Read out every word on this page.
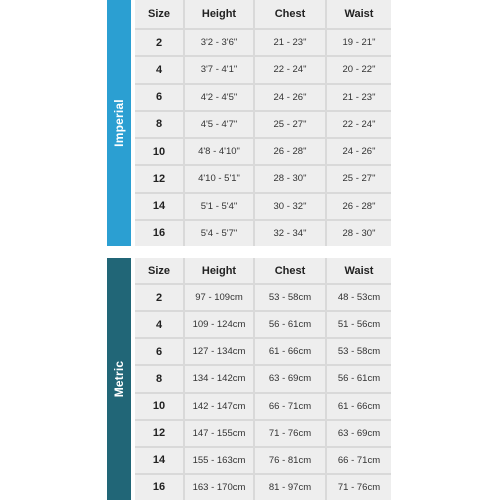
Imperial
Size	Height	Chest	Waist
2	3'2 - 3'6"	21 - 23"	19 - 21"
4	3'7 - 4'1"	22 - 24"	20 - 22"
6	4'2 - 4'5"	24 - 26"	21 - 23"
8	4'5 - 4'7"	25 - 27"	22 - 24"
10	4'8 - 4'10"	26 - 28"	24 - 26"
12	4'10 - 5'1"	28 - 30"	25 - 27"
14	5'1 - 5'4"	30 - 32"	26 - 28"
16	5'4 - 5'7"	32 - 34"	28 - 30"
Metric
Size	Height	Chest	Waist
2	97 - 109cm	53 - 58cm	48 - 53cm
4	109 - 124cm	56 - 61cm	51 - 56cm
6	127 - 134cm	61 - 66cm	53 - 58cm
8	134 - 142cm	63 - 69cm	56 - 61cm
10	142 - 147cm	66 - 71cm	61 - 66cm
12	147 - 155cm	71 - 76cm	63 - 69cm
14	155 - 163cm	76 - 81cm	66 - 71cm
16	163 - 170cm	81 - 97cm	71 - 76cm
